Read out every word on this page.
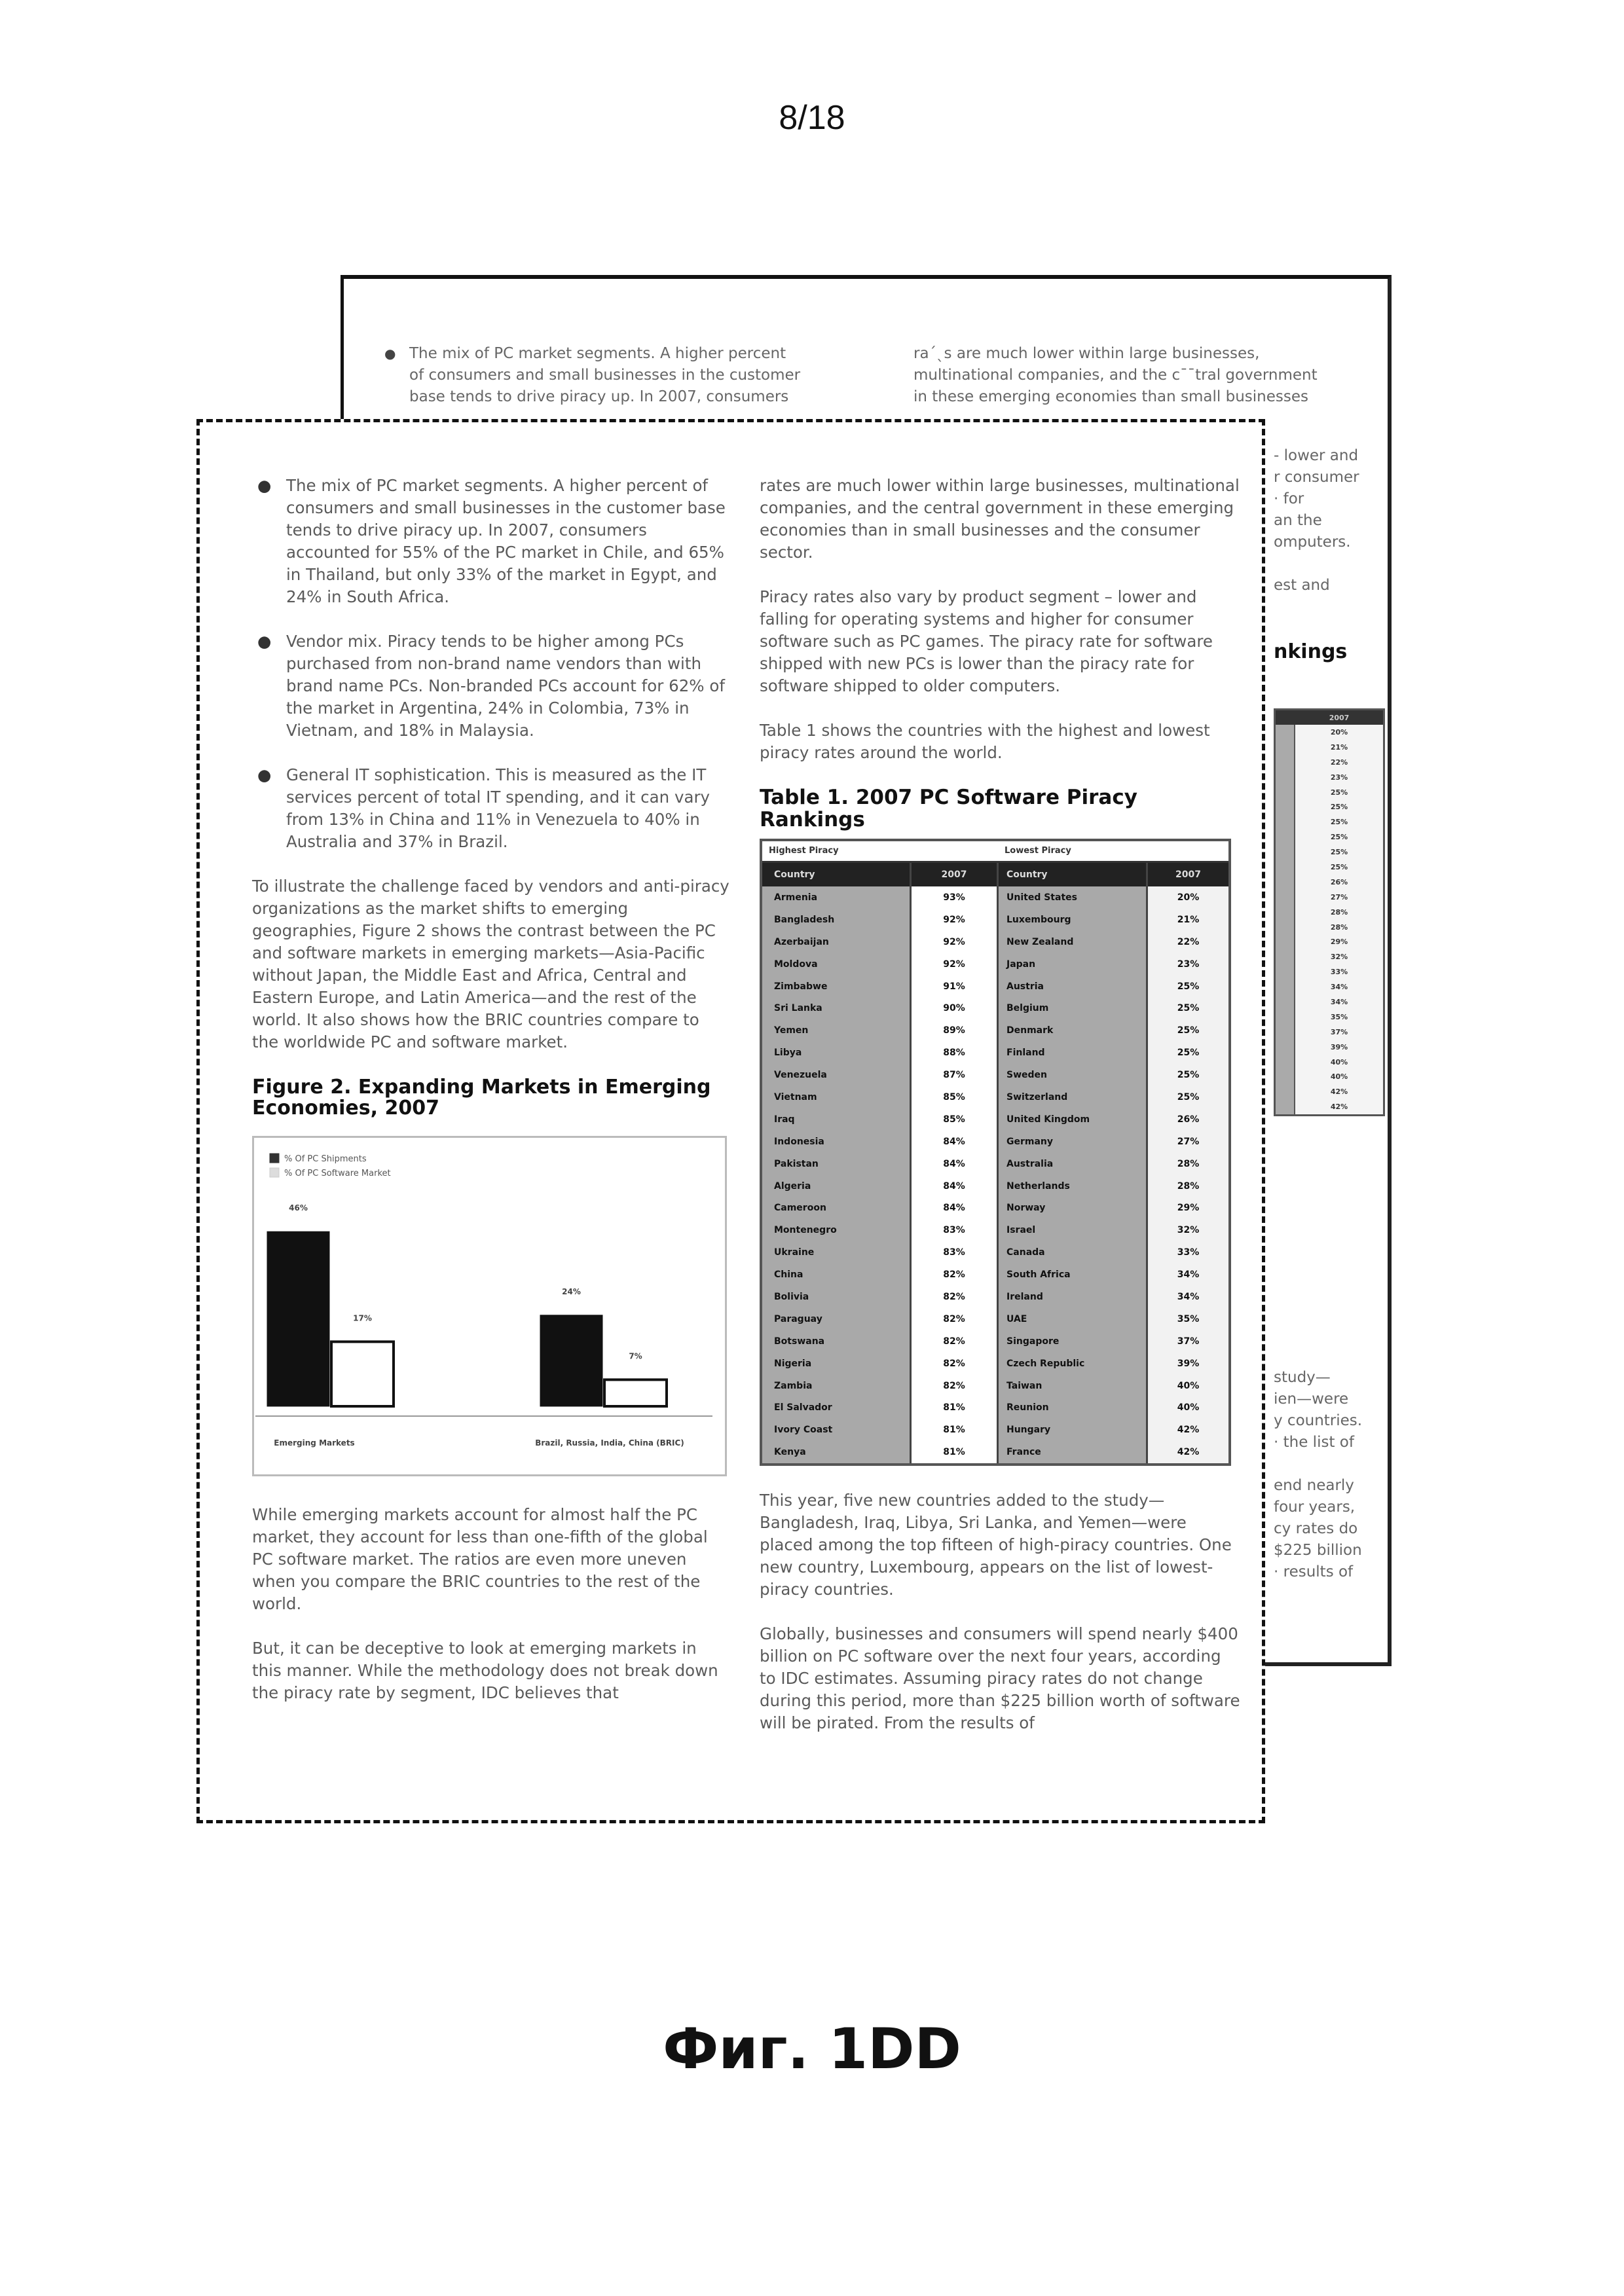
8/18
● The mix of PC market segments. A higher percent
of consumers and small businesses in the customer
base tends to drive piracy up. In 2007, consumers
raˊˎs are much lower within large businesses,
multinational companies, and the cˉˉtral government
in these emerging economies than small businesses
- lower and
r consumer
· for
an the
omputers.
est and
nkings
2007
20%
21%
22%
23%
25%
25%
25%
25%
25%
25%
26%
27%
28%
28%
29%
32%
33%
34%
34%
35%
37%
39%
40%
40%
42%
42%
study—
ien—were
y countries.
· the list of
end nearly
four years,
cy rates do
$225 billion
· results of
● The mix of PC market segments. A higher percent of consumers and small businesses in the customer base tends to drive piracy up. In 2007, consumers accounted for 55% of the PC market in Chile, and 65% in Thailand, but only 33% of the market in Egypt, and 24% in South Africa.
● Vendor mix. Piracy tends to be higher among PCs purchased from non-brand name vendors than with brand name PCs. Non-branded PCs account for 62% of the market in Argentina, 24% in Colombia, 73% in Vietnam, and 18% in Malaysia.
● General IT sophistication. This is measured as the IT services percent of total IT spending, and it can vary from 13% in China and 11% in Venezuela to 40% in Australia and 37% in Brazil.

To illustrate the challenge faced by vendors and anti-piracy organizations as the market shifts to emerging geographies, Figure 2 shows the contrast between the PC and software markets in emerging markets—Asia-Pacific without Japan, the Middle East and Africa, Central and Eastern Europe, and Latin America—and the rest of the world. It also shows how the BRIC countries compare to the worldwide PC and software market.

Figure 2. Expanding Markets in Emerging Economies, 2007
% Of PC Shipments
% Of PC Software Market
46%
17%
Emerging Markets
24%
7%
Brazil, Russia, India, China (BRIC)

While emerging markets account for almost half the PC market, they account for less than one-fifth of the global PC software market. The ratios are even more uneven when you compare the BRIC countries to the rest of the world.

But, it can be deceptive to look at emerging markets in this manner. While the methodology does not break down the piracy rate by segment, IDC believes that

rates are much lower within large businesses, multinational companies, and the central government in these emerging economies than in small businesses and the consumer sector.

Piracy rates also vary by product segment – lower and falling for operating systems and higher for consumer software such as PC games. The piracy rate for software shipped with new PCs is lower than the piracy rate for software shipped to older computers.

Table 1 shows the countries with the highest and lowest piracy rates around the world.

Table 1. 2007 PC Software Piracy Rankings
Highest Piracy	Lowest Piracy
Country	2007	Country	2007
Armenia	93%	United States	20%
Bangladesh	92%	Luxembourg	21%
Azerbaijan	92%	New Zealand	22%
Moldova	92%	Japan	23%
Zimbabwe	91%	Austria	25%
Sri Lanka	90%	Belgium	25%
Yemen	89%	Denmark	25%
Libya	88%	Finland	25%
Venezuela	87%	Sweden	25%
Vietnam	85%	Switzerland	25%
Iraq	85%	United Kingdom	26%
Indonesia	84%	Germany	27%
Pakistan	84%	Australia	28%
Algeria	84%	Netherlands	28%
Cameroon	84%	Norway	29%
Montenegro	83%	Israel	32%
Ukraine	83%	Canada	33%
China	82%	South Africa	34%
Bolivia	82%	Ireland	34%
Paraguay	82%	UAE	35%
Botswana	82%	Singapore	37%
Nigeria	82%	Czech Republic	39%
Zambia	82%	Taiwan	40%
El Salvador	81%	Reunion	40%
Ivory Coast	81%	Hungary	42%
Kenya	81%	France	42%

This year, five new countries added to the study—Bangladesh, Iraq, Libya, Sri Lanka, and Yemen—were placed among the top fifteen of high-piracy countries. One new country, Luxembourg, appears on the list of lowest-piracy countries.

Globally, businesses and consumers will spend nearly $400 billion on PC software over the next four years, according to IDC estimates. Assuming piracy rates do not change during this period, more than $225 billion worth of software will be pirated. From the results of

Фиг. 1DD
